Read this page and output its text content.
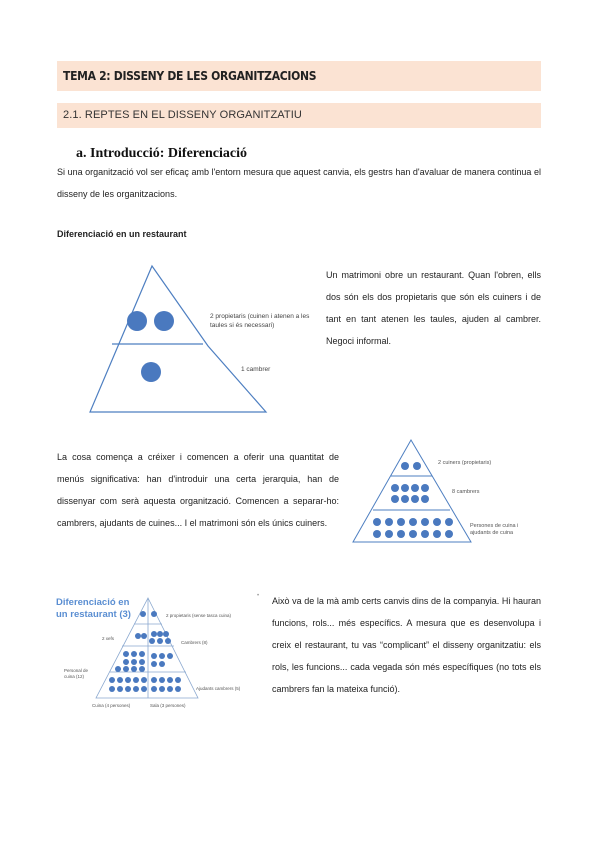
TEMA 2: DISSENY DE LES ORGANITZACIONS
2.1. REPTES EN EL DISSENY ORGANITZATIU
a. Introducció: Diferenciació

Si una organització vol ser eficaç amb l'entorn mesura que aquest canvia, els gestrs han d'avaluar de manera continua el disseny de les organitzacions.

Diferenciació en un restaurant
2 propietaris (cuinen i atenen a les taules si és necessari)
1 cambrer

Un matrimoni obre un restaurant. Quan l'obren, ells dos són els dos propietaris que són els cuiners i de tant en tant atenen les taules, ajuden al cambrer. Negoci informal.

La cosa comença a créixer i comencen a oferir una quantitat de menús significativa: han d'introduir una certa jerarquia, han de dissenyar com serà aquesta organització. Comencen a separar-ho: cambrers, ajudants de cuines... I el matrimoni són els únics cuiners.

2 cuiners (propietaris)
8 cambrers
Persones de cuina i ajudants de cuina
Diferenciació en un restaurant (3)	2 propietaris (sense tasca cuina)
2 xefs
Cambrers (8)
Personal de cuina (12)
Ajudants cambrers (5)
Cuina (4 persones)	Sala (3 persones)
• Això va de la mà amb certs canvis dins de la companyia. Hi hauran funcions, rols... més específics. A mesura que es desenvolupa i creix el restaurant, tu vas “complicant” el disseny organitzatiu: els rols, les funcions... cada vegada són més específiques (no tots els cambrers fan la mateixa funció).
